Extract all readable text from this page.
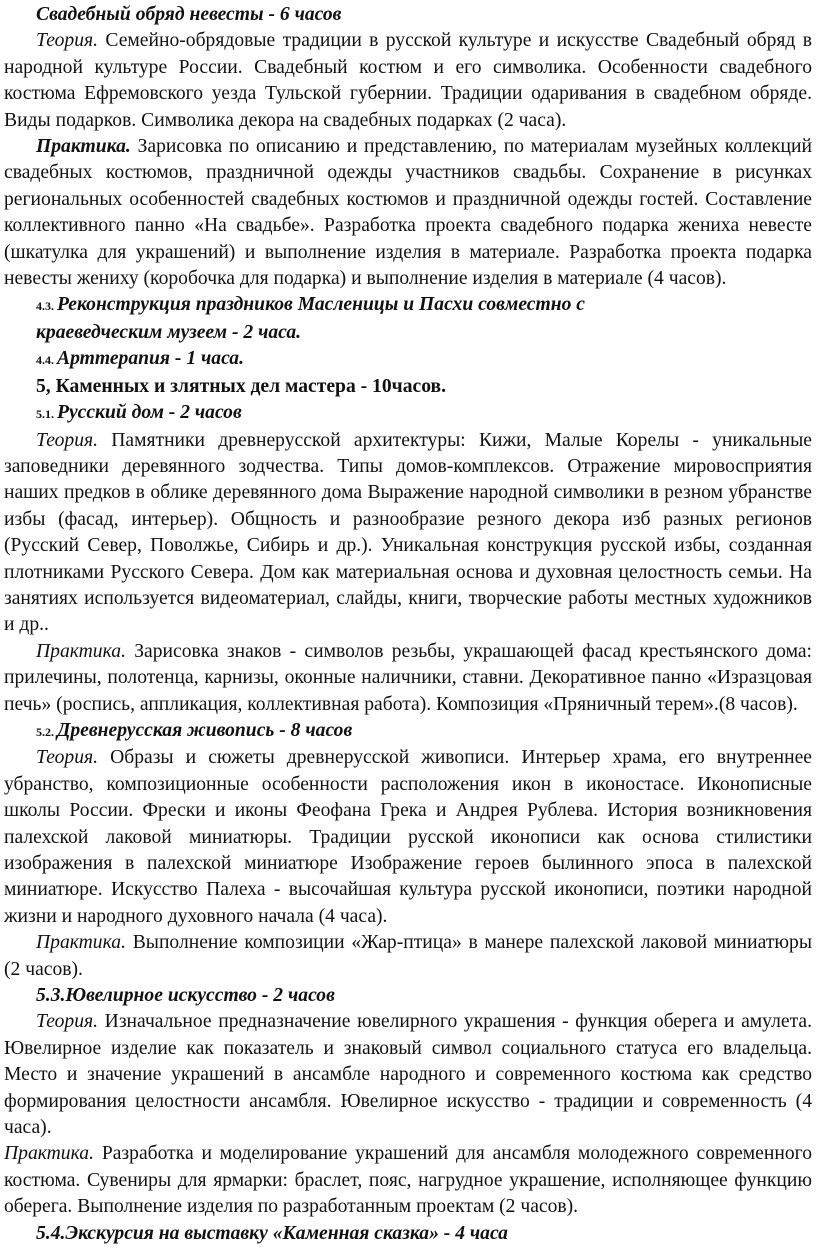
Свадебный обряд невесты - 6 часов

Теория. Семейно-обрядовые традиции в русской культуре и искусстве Свадебный обряд в народной культуре России. Свадебный костюм и его символика. Особенности свадебного костюма Ефремовского уезда Тульской губернии. Традиции одаривания в свадебном обряде. Виды подарков. Символика декора на свадебных подарках (2 часа).

Практика. Зарисовка по описанию и представлению, по материалам музейных коллекций свадебных костюмов, праздничной одежды участников свадьбы. Сохранение в рисунках региональных особенностей свадебных костюмов и праздничной одежды гостей. Составление коллективного панно «На свадьбе». Разработка проекта свадебного подарка жениха невесте (шкатулка для украшений) и выполнение изделия в материале. Разработка проекта подарка невесты жениху (коробочка для подарка) и выполнение изделия в материале (4 часов).

4.3. Реконструкция праздников Масленицы и Пасхи совместно с

краеведческим музеем - 2 часа.

4.4. Арттерапия - 1 часа.

5, Каменных и злятных дел мастера - 10часов.

5.1. Русский дом - 2 часов

Теория. Памятники древнерусской архитектуры: Кижи, Малые Корелы - уникальные заповедники деревянного зодчества. Типы домов-комплексов. Отражение мировосприятия наших предков в облике деревянного дома Выражение народной символики в резном убранстве избы (фасад, интерьер). Общность и разнообразие резного декора изб разных регионов (Русский Север, Поволжье, Сибирь и др.). Уникальная конструкция русской избы, созданная плотниками Русского Севера. Дом как материальная основа и духовная целостность семьи. На занятиях используется видеоматериал, слайды, книги, творческие работы местных художников и др..

Практика. Зарисовка знаков - символов резьбы, украшающей фасад крестьянского дома: прилечины, полотенца, карнизы, оконные наличники, ставни. Декоративное панно «Изразцовая печь» (роспись, аппликация, коллективная работа). Композиция «Пряничный терем».(8 часов).

5.2. Древнерусская живопись - 8 часов

Теория. Образы и сюжеты древнерусской живописи. Интерьер храма, его внутреннее убранство, композиционные особенности расположения икон в иконостасе. Иконописные школы России. Фрески и иконы Феофана Грека и Андрея Рублева. История возникновения палехской лаковой миниатюры. Традиции русской иконописи как основа стилистики изображения в палехской миниатюре Изображение героев былинного эпоса в палехской миниатюре. Искусство Палеха - высочайшая культура русской иконописи, поэтики народной жизни и народного духовного начала (4 часа).

Практика. Выполнение композиции «Жар-птица» в манере палехской лаковой миниатюры (2 часов).

5.3.Ювелирное искусство - 2 часов

Теория. Изначальное предназначение ювелирного украшения - функция оберега и амулета. Ювелирное изделие как показатель и знаковый символ социального статуса его владельца. Место и значение украшений в ансамбле народного и современного костюма как средство формирования целостности ансамбля. Ювелирное искусство - традиции и современность (4 часа).

Практика. Разработка и моделирование украшений для ансамбля молодежного современного костюма. Сувениры для ярмарки: браслет, пояс, нагрудное украшение, исполняющее функцию оберега. Выполнение изделия по разработанным проектам (2 часов).

5.4.Экскурсия на выставку «Каменная сказка» - 4 часа
